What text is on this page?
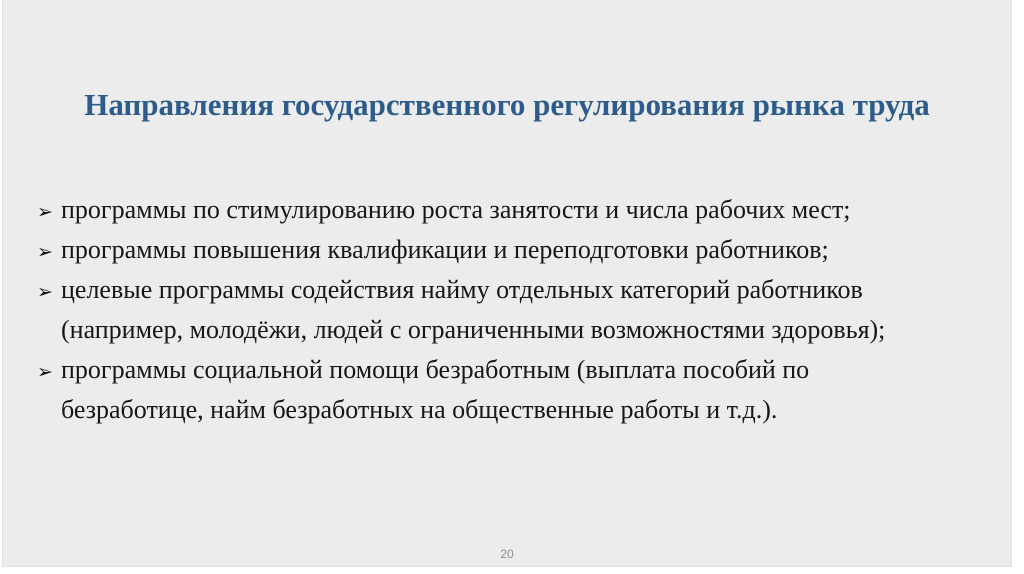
Направления государственного регулирования рынка труда
➢ программы по стимулированию роста занятости и числа рабочих мест;
➢ программы повышения квалификации и переподготовки работников;
➢ целевые программы содействия найму отдельных категорий работников
(например, молодёжи, людей с ограниченными возможностями здоровья);
➢ программы социальной помощи безработным (выплата пособий по
безработице, найм безработных на общественные работы и т.д.).
20
